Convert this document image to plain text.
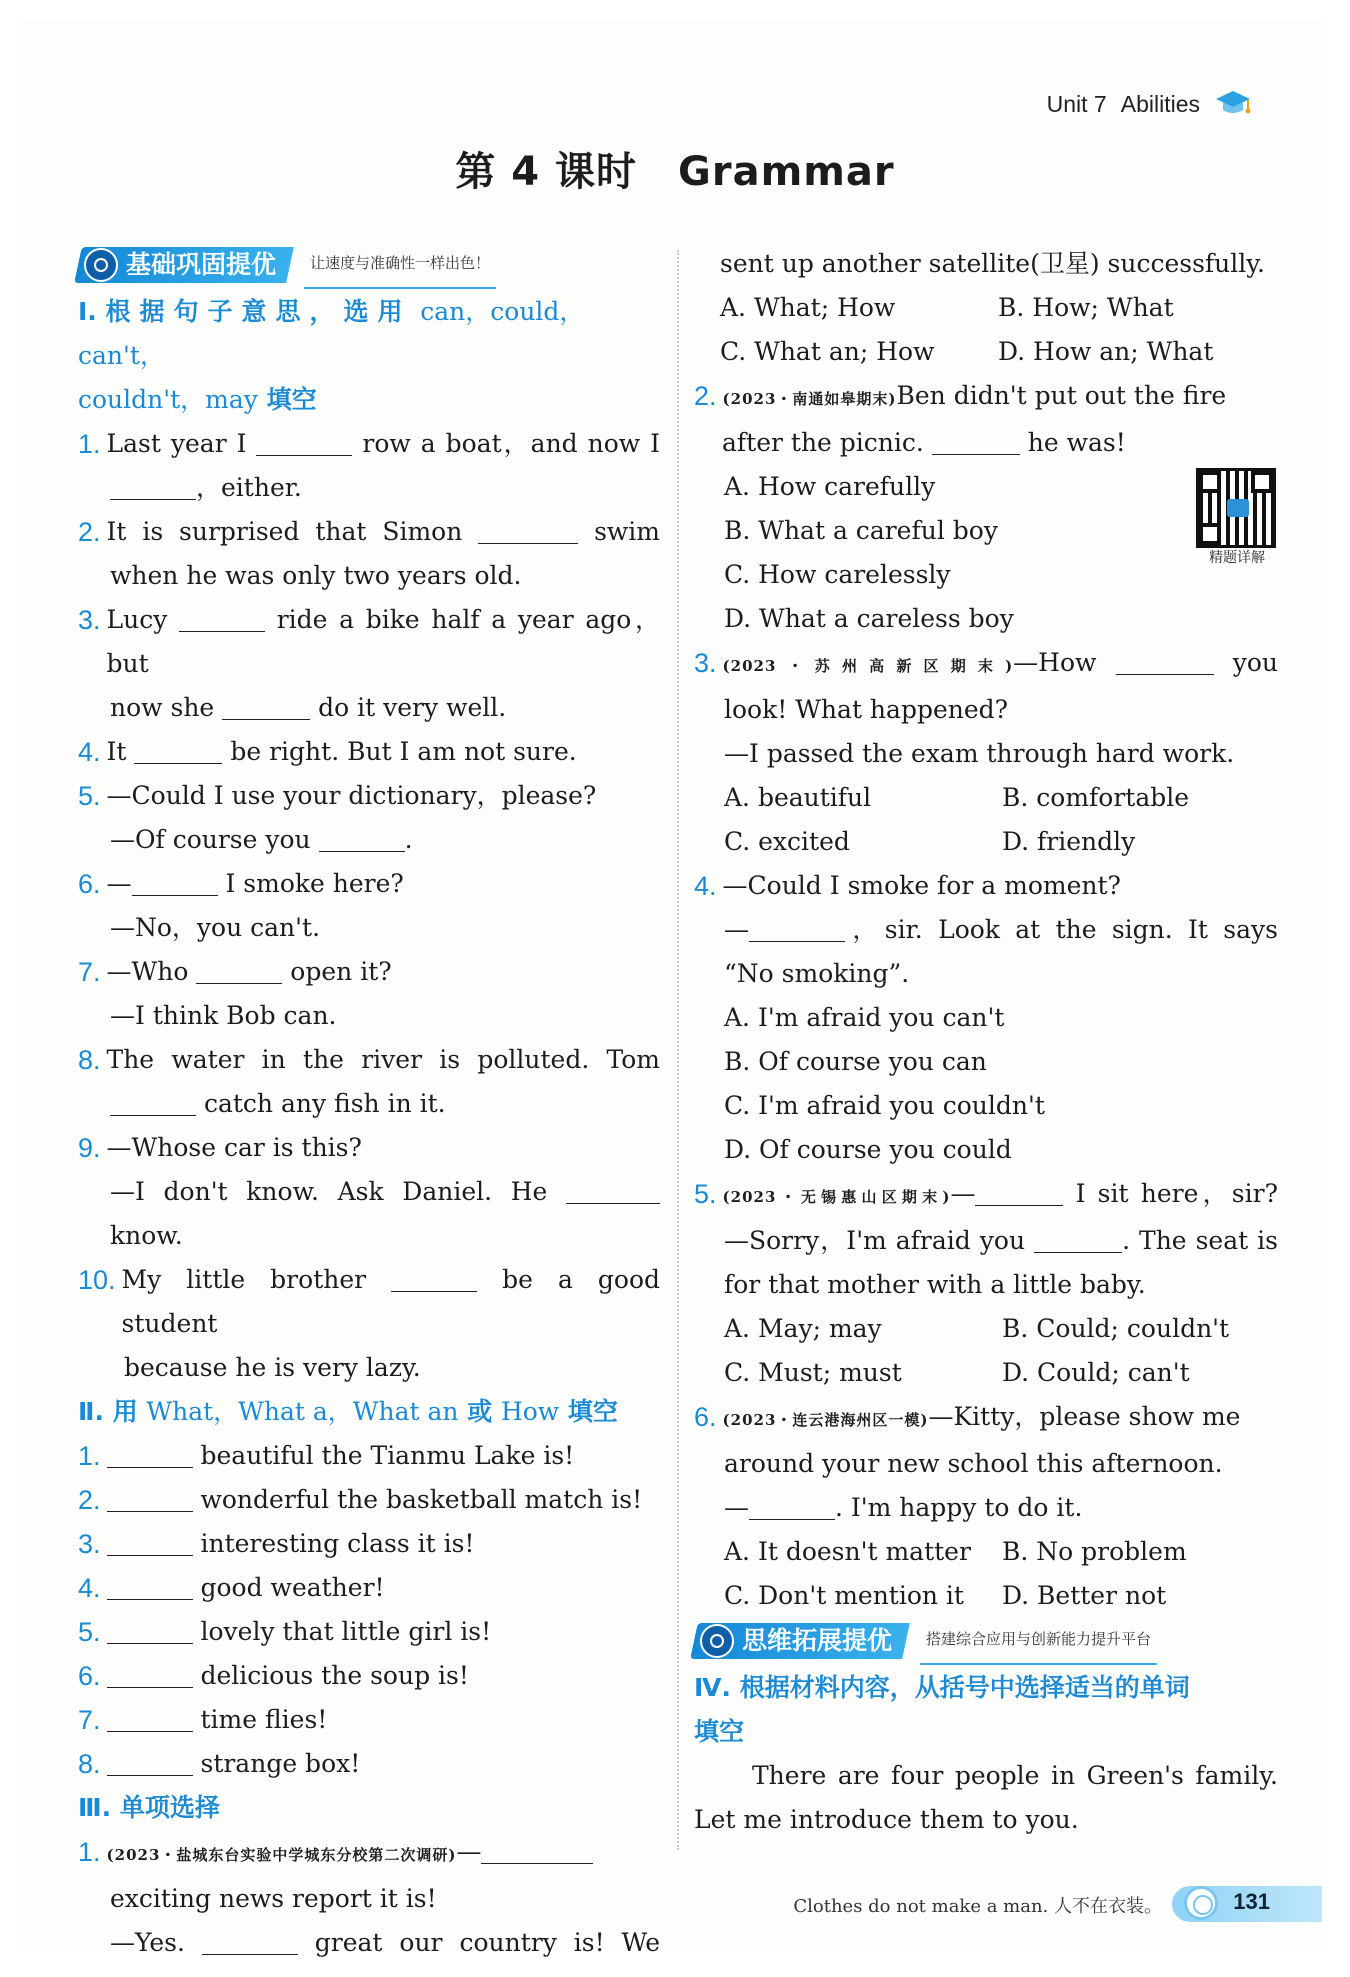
Unit 7 Abilities
第 4 课时　Grammar
基础巩固提优	让速度与准确性一样出色！
Ⅰ. 根据句子意思，选用 can，could，can't，
couldn't，may 填空
1. Last year I	row a boat，and now I
，either.
2. It is surprised that Simon	swim
when he was only two years old.
3. Lucy	ride a bike half a year ago，but
now she	do it very well.
4. It	be right. But I am not sure.
5. —Could I use your dictionary，please?
—Of course you	.
6. —	I smoke here?
—No，you can't.
7. —Who	open it?
—I think Bob can.
8. The water in the river is polluted. Tom
catch any fish in it.
9. —Whose car is this?
—I don't know. Ask Daniel. He
know.
10. My little brother	be a good student
because he is very lazy.
Ⅱ. 用 What，What a，What an 或 How 填空
1.	beautiful the Tianmu Lake is!
2.	wonderful the basketball match is!
3.	interesting class it is!
4.	good weather!
5.	lovely that little girl is!
6.	delicious the soup is!
7.	time flies!
8.	strange box!
Ⅲ. 单项选择
1. (2023・盐城东台实验中学城东分校第二次调研)—
exciting news report it is!
—Yes.	great our country is! We
sent up another satellite(卫星) successfully.
A. What; How	B. How; What
C. What an; How	D. How an; What
2. (2023・南通如皋期末)Ben didn't put out the fire
after the picnic.	he was!
A. How carefully
B. What a careful boy
C. How carelessly
D. What a careless boy
3. (2023・苏州高新区期末)—How	you
look! What happened?
—I passed the exam through hard work.
A. beautiful	B. comfortable
C. excited	D. friendly
4. —Could I smoke for a moment?
—	，sir. Look at the sign. It says
“No smoking”.
A. I'm afraid you can't
B. Of course you can
C. I'm afraid you couldn't
D. Of course you could
5. (2023・无锡惠山区期末)—	I sit here，sir?
—Sorry，I'm afraid you	. The seat is
for that mother with a little baby.
A. May; may	B. Could; couldn't
C. Must; must	D. Could; can't
6. (2023・连云港海州区一模)—Kitty，please show me
around your new school this afternoon.
—	. I'm happy to do it.
A. It doesn't matter	B. No problem
C. Don't mention it	D. Better not
思维拓展提优	搭建综合应用与创新能力提升平台
Ⅳ. 根据材料内容，从括号中选择适当的单词
填空
There are four people in Green's family.
Let me introduce them to you.
精题详解
Clothes do not make a man. 人不在衣装。	131
